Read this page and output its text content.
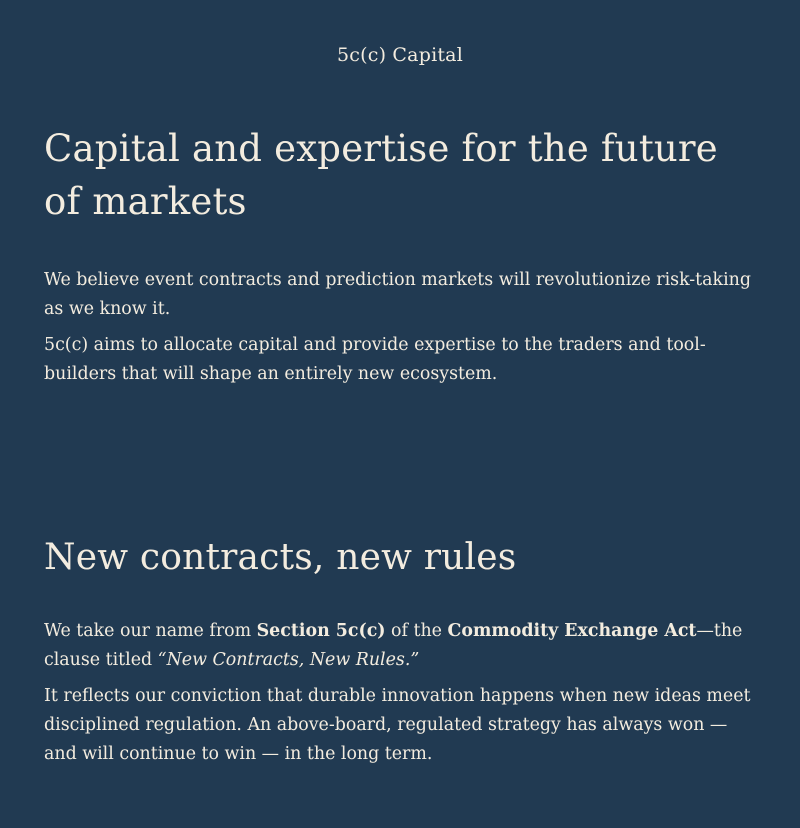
5c(c) Capital
Capital and expertise for the future of markets

We believe event contracts and prediction markets will revolutionize risk-taking as we know it.

5c(c) aims to allocate capital and provide expertise to the traders and tool-builders that will shape an entirely new ecosystem.

New contracts, new rules

We take our name from Section 5c(c) of the Commodity Exchange Act—the clause titled “New Contracts, New Rules.”

It reflects our conviction that durable innovation happens when new ideas meet disciplined regulation. An above-board, regulated strategy has always won — and will continue to win — in the long term.
